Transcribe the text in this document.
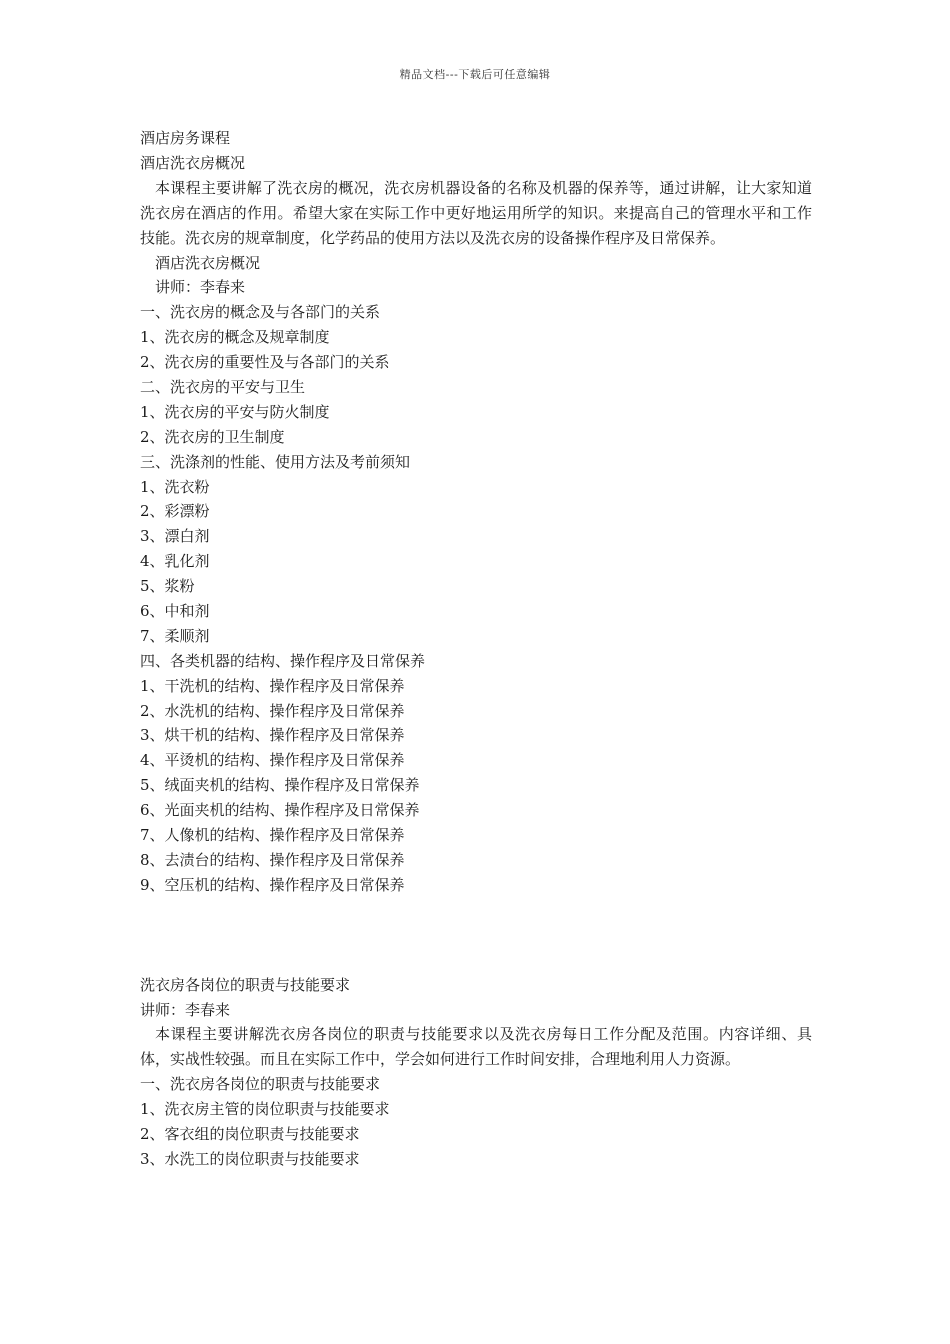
精品文档---下载后可任意编辑
酒店房务课程
酒店洗衣房概况
本课程主要讲解了洗衣房的概况，洗衣房机器设备的名称及机器的保养等，通过讲解，让大家知道洗衣房在酒店的作用。希望大家在实际工作中更好地运用所学的知识。来提高自己的管理水平和工作技能。洗衣房的规章制度，化学药品的使用方法以及洗衣房的设备操作程序及日常保养。
酒店洗衣房概况
讲师：李春来
一、洗衣房的概念及与各部门的关系
1、洗衣房的概念及规章制度
2、洗衣房的重要性及与各部门的关系
二、洗衣房的平安与卫生
1、洗衣房的平安与防火制度
2、洗衣房的卫生制度
三、洗涤剂的性能、使用方法及考前须知
1、洗衣粉
2、彩漂粉
3、漂白剂
4、乳化剂
5、浆粉
6、中和剂
7、柔顺剂
四、各类机器的结构、操作程序及日常保养
1、干洗机的结构、操作程序及日常保养
2、水洗机的结构、操作程序及日常保养
3、烘干机的结构、操作程序及日常保养
4、平烫机的结构、操作程序及日常保养
5、绒面夹机的结构、操作程序及日常保养
6、光面夹机的结构、操作程序及日常保养
7、人像机的结构、操作程序及日常保养
8、去渍台的结构、操作程序及日常保养
9、空压机的结构、操作程序及日常保养
洗衣房各岗位的职责与技能要求
讲师：李春来
本课程主要讲解洗衣房各岗位的职责与技能要求以及洗衣房每日工作分配及范围。内容详细、具体，实战性较强。而且在实际工作中，学会如何进行工作时间安排，合理地利用人力资源。
一、洗衣房各岗位的职责与技能要求
1、洗衣房主管的岗位职责与技能要求
2、客衣组的岗位职责与技能要求
3、水洗工的岗位职责与技能要求
